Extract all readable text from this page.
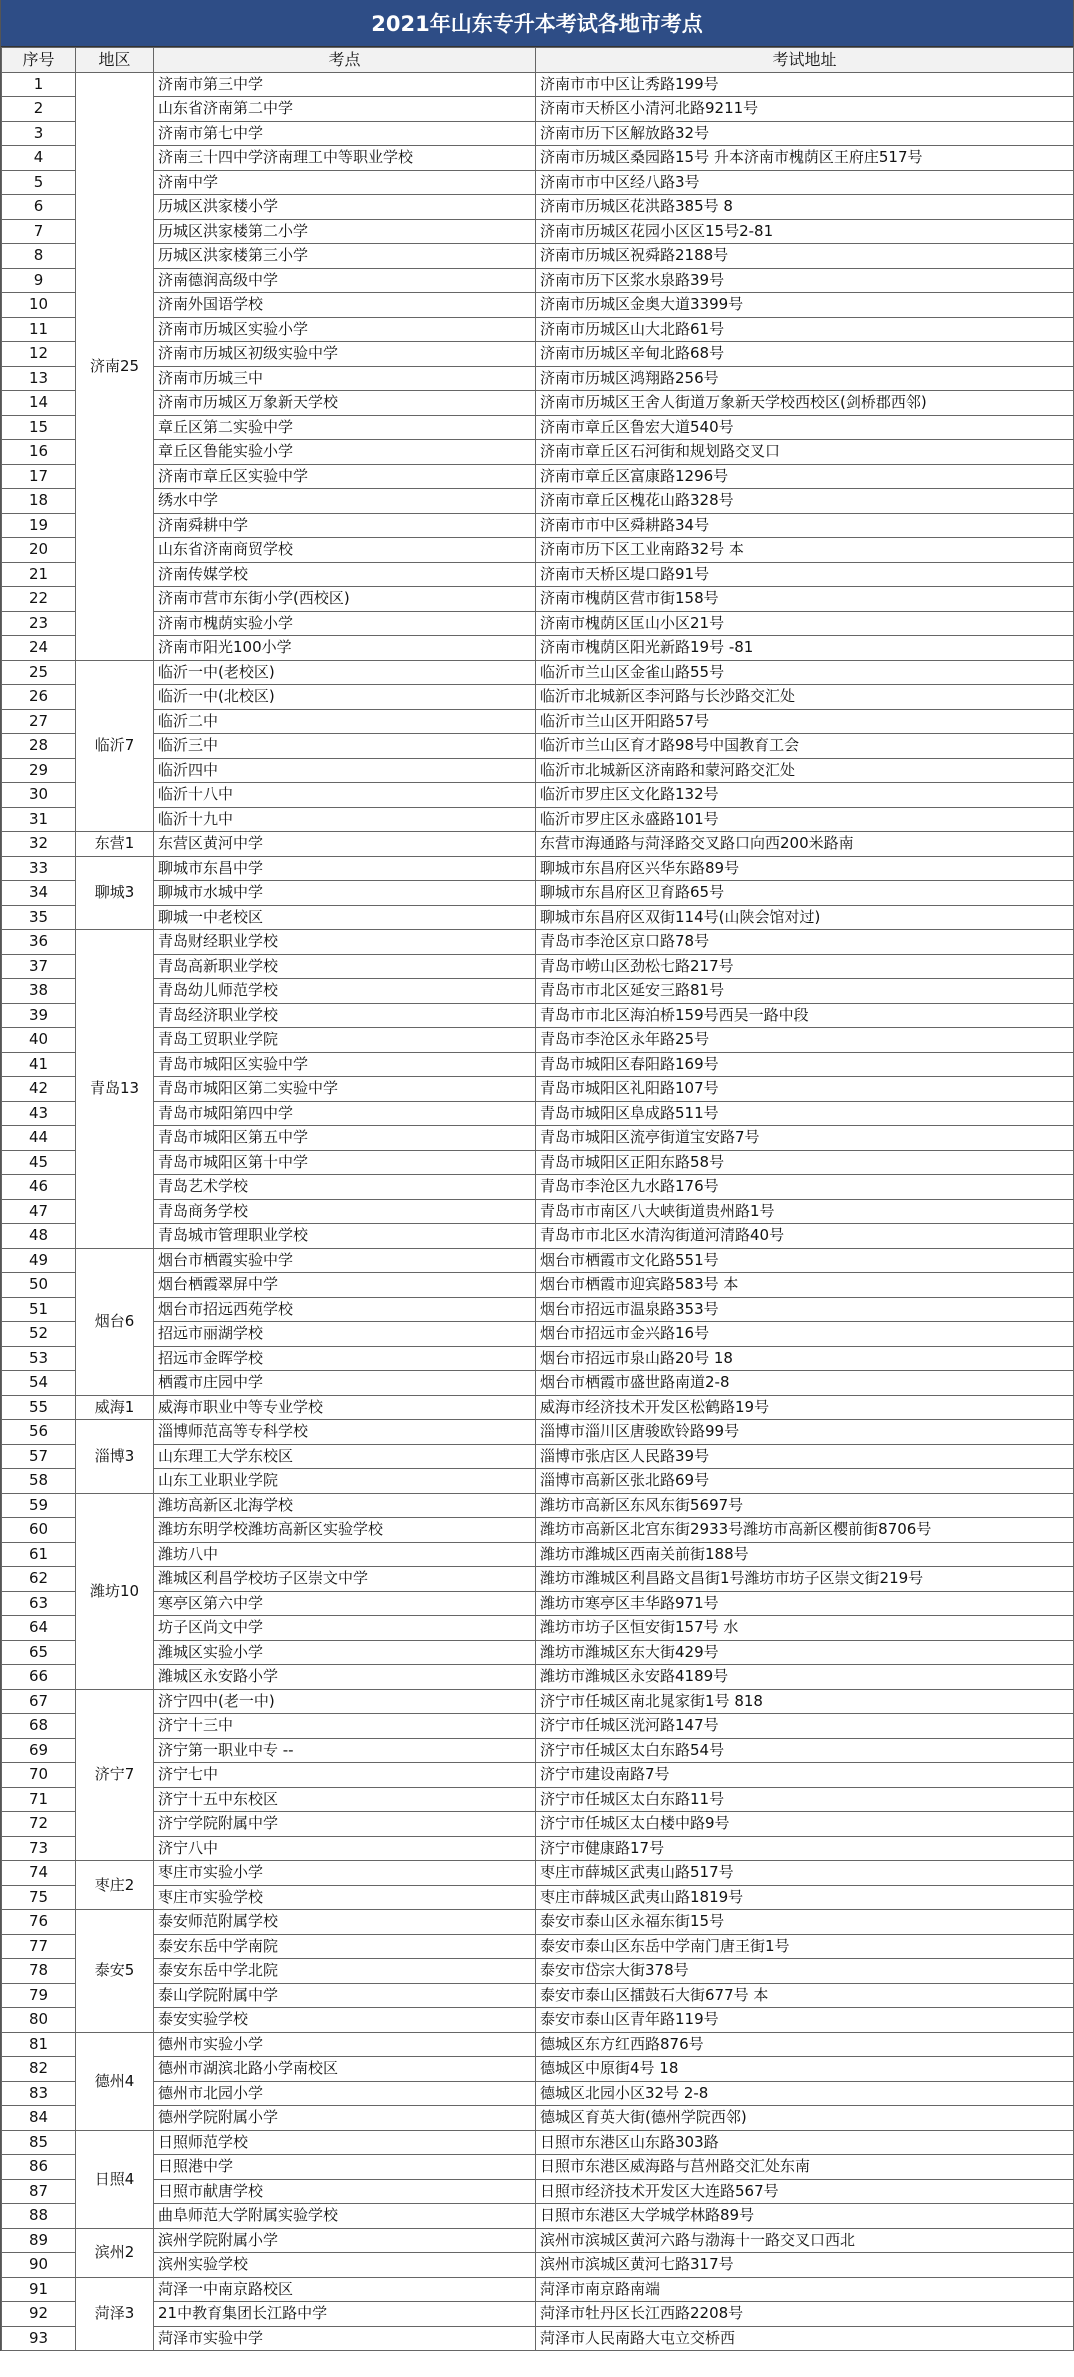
2021年山东专升本考试各地市考点
序号	地区	考点	考试地址
1	济南25	济南市第三中学	济南市市中区让秀路199号
2		山东省济南第二中学	济南市天桥区小清河北路9211号
3		济南市第七中学	济南市历下区解放路32号
4		济南三十四中学济南理工中等职业学校	济南市历城区桑园路15号 升本济南市槐荫区王府庄517号
5		济南中学	济南市市中区经八路3号
6		历城区洪家楼小学	济南市历城区花洪路385号 8
7		历城区洪家楼第二小学	济南市历城区花园小区区15号2-81
8		历城区洪家楼第三小学	济南市历城区祝舜路2188号
9		济南德润高级中学	济南市历下区浆水泉路39号
10		济南外国语学校	济南市历城区金奥大道3399号
11		济南市历城区实验小学	济南市历城区山大北路61号
12		济南市历城区初级实验中学	济南市历城区辛甸北路68号
13		济南市历城三中	济南市历城区鸿翔路256号
14		济南市历城区万象新天学校	济南市历城区王舍人街道万象新天学校西校区(剑桥郡西邻)
15		章丘区第二实验中学	济南市章丘区鲁宏大道540号
16		章丘区鲁能实验小学	济南市章丘区石河街和规划路交叉口
17		济南市章丘区实验中学	济南市章丘区富康路1296号
18		绣水中学	济南市章丘区槐花山路328号
19		济南舜耕中学	济南市市中区舜耕路34号
20		山东省济南商贸学校	济南市历下区工业南路32号 本
21		济南传媒学校	济南市天桥区堤口路91号
22		济南市营市东街小学(西校区)	济南市槐荫区营市街158号
23		济南市槐荫实验小学	济南市槐荫区匡山小区21号
24		济南市阳光100小学	济南市槐荫区阳光新路19号 -81
25	临沂7	临沂一中(老校区)	临沂市兰山区金雀山路55号
26		临沂一中(北校区)	临沂市北城新区李河路与长沙路交汇处
27		临沂二中	临沂市兰山区开阳路57号
28		临沂三中	临沂市兰山区育才路98号中国教育工会
29		临沂四中	临沂市北城新区济南路和蒙河路交汇处
30		临沂十八中	临沂市罗庄区文化路132号
31		临沂十九中	临沂市罗庄区永盛路101号
32	东营1	东营区黄河中学	东营市海通路与菏泽路交叉路口向西200米路南
33	聊城3	聊城市东昌中学	聊城市东昌府区兴华东路89号
34		聊城市水城中学	聊城市东昌府区卫育路65号
35		聊城一中老校区	聊城市东昌府区双街114号(山陕会馆对过)
36	青岛13	青岛财经职业学校	青岛市李沧区京口路78号
37		青岛高新职业学校	青岛市崂山区劲松七路217号
38		青岛幼儿师范学校	青岛市市北区延安三路81号
39		青岛经济职业学校	青岛市市北区海泊桥159号西吴一路中段
40		青岛工贸职业学院	青岛市李沧区永年路25号
41		青岛市城阳区实验中学	青岛市城阳区春阳路169号
42		青岛市城阳区第二实验中学	青岛市城阳区礼阳路107号
43		青岛市城阳第四中学	青岛市城阳区阜成路511号
44		青岛市城阳区第五中学	青岛市城阳区流亭街道宝安路7号
45		青岛市城阳区第十中学	青岛市城阳区正阳东路58号
46		青岛艺术学校	青岛市李沧区九水路176号
47		青岛商务学校	青岛市市南区八大峡街道贵州路1号
48		青岛城市管理职业学校	青岛市市北区水清沟街道河清路40号
49	烟台6	烟台市栖霞实验中学	烟台市栖霞市文化路551号
50		烟台栖霞翠屏中学	烟台市栖霞市迎宾路583号 本
51		烟台市招远西苑学校	烟台市招远市温泉路353号
52		招远市丽湖学校	烟台市招远市金兴路16号
53		招远市金晖学校	烟台市招远市泉山路20号 18
54		栖霞市庄园中学	烟台市栖霞市盛世路南道2-8
55	威海1	威海市职业中等专业学校	威海市经济技术开发区松鹤路19号
56	淄博3	淄博师范高等专科学校	淄博市淄川区唐骏欧铃路99号
57		山东理工大学东校区	淄博市张店区人民路39号
58		山东工业职业学院	淄博市高新区张北路69号
59	潍坊10	潍坊高新区北海学校	潍坊市高新区东风东街5697号
60		潍坊东明学校潍坊高新区实验学校	潍坊市高新区北宫东街2933号潍坊市高新区樱前街8706号
61		潍坊八中	潍坊市潍城区西南关前街188号
62		潍城区利昌学校坊子区崇文中学	潍坊市潍城区利昌路文昌街1号潍坊市坊子区崇文街219号
63		寒亭区第六中学	潍坊市寒亭区丰华路971号
64		坊子区尚文中学	潍坊市坊子区恒安街157号 水
65		潍城区实验小学	潍坊市潍城区东大街429号
66		潍城区永安路小学	潍坊市潍城区永安路4189号
67	济宁7	济宁四中(老一中)	济宁市任城区南北晁家街1号 818
68		济宁十三中	济宁市任城区洸河路147号
69		济宁第一职业中专 --	济宁市任城区太白东路54号
70		济宁七中	济宁市建设南路7号
71		济宁十五中东校区	济宁市任城区太白东路11号
72		济宁学院附属中学	济宁市任城区太白楼中路9号
73		济宁八中	济宁市健康路17号
74	枣庄2	枣庄市实验小学	枣庄市薛城区武夷山路517号
75		枣庄市实验学校	枣庄市薛城区武夷山路1819号
76	泰安5	泰安师范附属学校	泰安市泰山区永福东街15号
77		泰安东岳中学南院	泰安市泰山区东岳中学南门唐王街1号
78		泰安东岳中学北院	泰安市岱宗大街378号
79		泰山学院附属中学	泰安市泰山区擂鼓石大街677号 本
80		泰安实验学校	泰安市泰山区青年路119号
81	德州4	德州市实验小学	德城区东方红西路876号
82		德州市湖滨北路小学南校区	德城区中原街4号 18
83		德州市北园小学	德城区北园小区32号 2-8
84		德州学院附属小学	德城区育英大街(德州学院西邻)
85	日照4	日照师范学校	日照市东港区山东路303路
86		日照港中学	日照市东港区威海路与莒州路交汇处东南
87		日照市献唐学校	日照市经济技术开发区大连路567号
88		曲阜师范大学附属实验学校	日照市东港区大学城学林路89号
89	滨州2	滨州学院附属小学	滨州市滨城区黄河六路与渤海十一路交叉口西北
90		滨州实验学校	滨州市滨城区黄河七路317号
91	菏泽3	菏泽一中南京路校区	菏泽市南京路南端
92		21中教育集团长江路中学	菏泽市牡丹区长江西路2208号
93		菏泽市实验中学	菏泽市人民南路大屯立交桥西
